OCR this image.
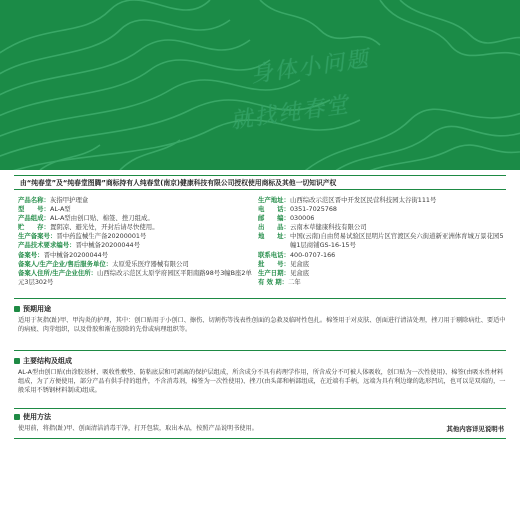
身体小问题
就找纯春堂
由“纯春堂”及“纯春堂图腾”商标持有人纯春堂(南京)健康科技有限公司授权使用商标及其他一切知识产权
产品名称： 灰指甲护理盒
型　　号： AL-A型
产品组成： AL-A型由创口贴、棉签、挫刀组成。
贮　　存： 置阴凉、避光处，开封后请尽快使用。
生产备案号： 晋中药监械生产备20200001号
产品技术要求编号： 晋中械备20200044号
备案号： 晋中械备20200044号
备案人/生产企业/售后服务单位： 太原爱乐医疗器械有限公司
备案人住所/生产企业住所：山西综改示范区太原学府园区平阳南路98号3幢B座2单元3层302号
生产地址： 山西综改示范区晋中开发区民营科技园太谷街111号
电　　话： 0351-7025768
邮　　编： 030006
出　　品： 云南本草健康科技有限公司
地　　址： 中国(云南)自由贸易试验区昆明片区官渡区矣六街道新亚洲体育城万景花园5幢1层商铺GS-16-15号
联系电话： 400-0707-166
批　　号： 见盒底
生产日期： 见盒底
有 效 期： 二年
预期用途
适用于灰指(趾)甲、甲沟炎的护理，其中：创口贴用于小创口、擦伤、切割伤等浅表性创面的急救及临时性包扎。棉签用于对皮肤、创面进行清洁处理，挫刀用于剔除病灶、要适中的病疲、肉芽组织，以及骨胶和渐在胶除的先骨或病理组织等。
主要结构及组成
AL-A型由创口贴(由涂胶基材、吸收性敷垫、防粘底层和可剥离的保护层组成，所含成分不具有药理学作用，所含成分不可被人体吸收，创口贴为一次性使用)、棉签(由吸水性材料组成，为了方便使用，部分产品有供手持的组件，不含消毒剂，棉签为一次性使用)、挫刀(由头部和柄部组成，在近端有手柄，远端为具有利边缘的匙形凹坑，也可以是双端的，一般采用不锈钢材料制成)组成。
使用方法
使用前，将指(趾)甲、创面清洁消毒干净，打开包装，取出本品，按照产品说明书使用。	其他内容详见说明书
